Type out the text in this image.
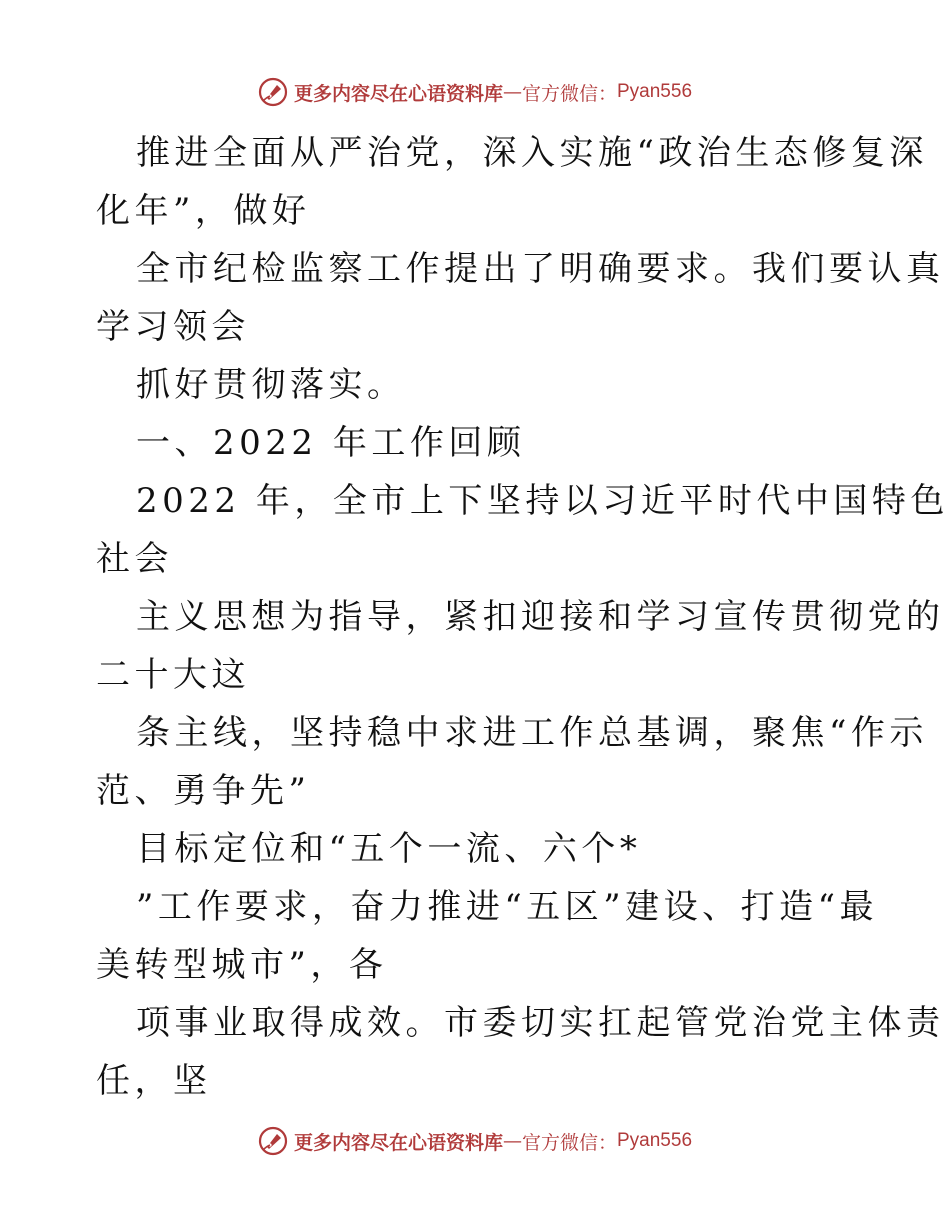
更多内容尽在心语资料库 — 官方微信： Pyan556
推进全面从严治党，深入实施“政治生态修复深
化年”，做好
全市纪检监察工作提出了明确要求。我们要认真
学习领会
抓好贯彻落实。
一、2022 年工作回顾
2022 年，全市上下坚持以习近平时代中国特色
社会
主义思想为指导，紧扣迎接和学习宣传贯彻党的
二十大这
条主线，坚持稳中求进工作总基调，聚焦“作示
范、勇争先”
目标定位和“五个一流、六个*
”工作要求，奋力推进“五区”建设、打造“最
美转型城市”，各
项事业取得成效。市委切实扛起管党治党主体责
任，坚
更多内容尽在心语资料库 — 官方微信： Pyan556
